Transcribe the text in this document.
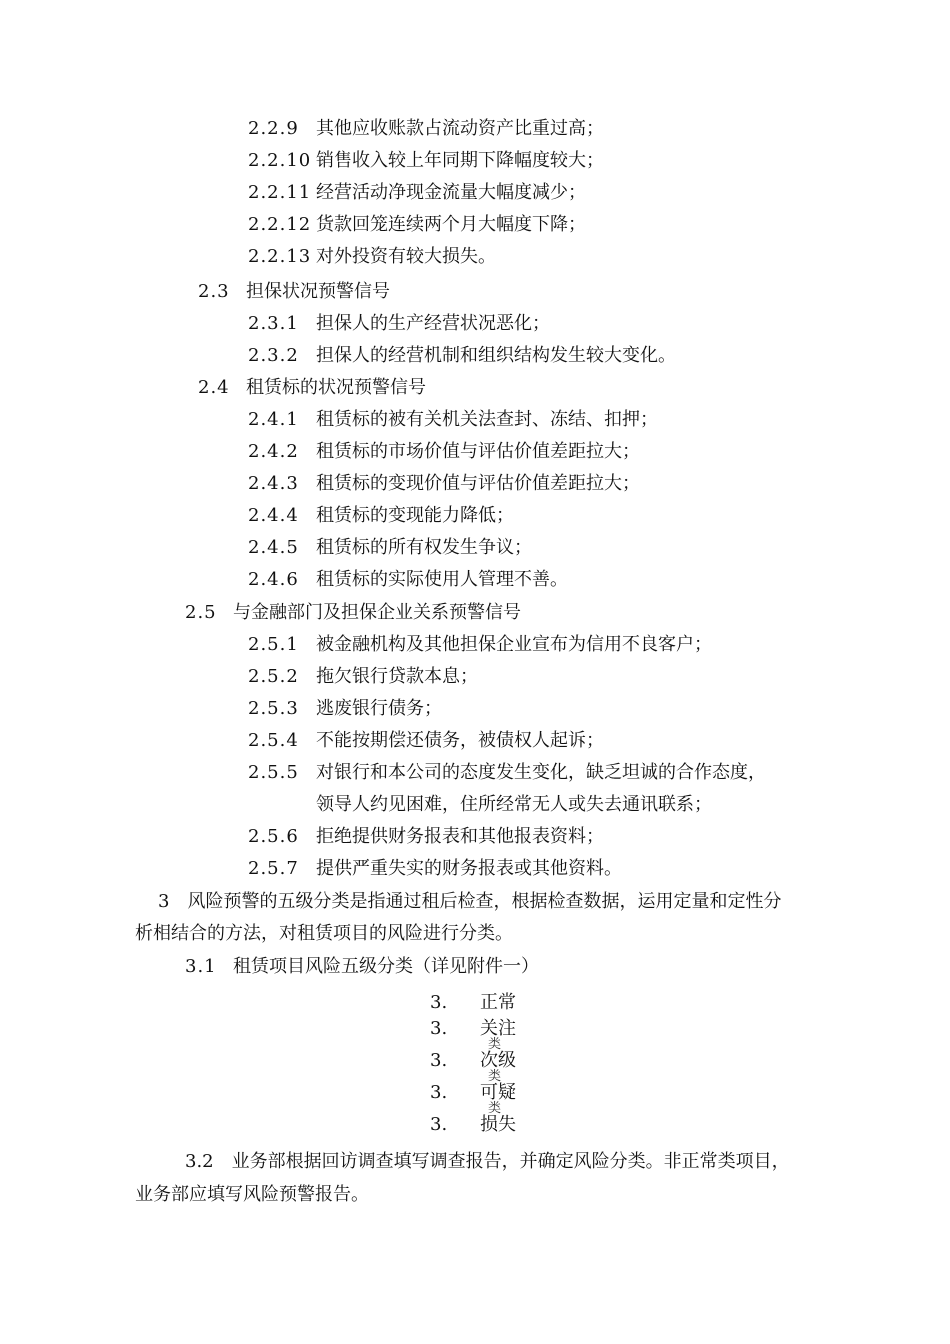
2.2.9 其他应收账款占流动资产比重过高；
2.2.10 销售收入较上年同期下降幅度较大；
2.2.11 经营活动净现金流量大幅度减少；
2.2.12 货款回笼连续两个月大幅度下降；
2.2.13 对外投资有较大损失。
2.3 担保状况预警信号
2.3.1 担保人的生产经营状况恶化；
2.3.2 担保人的经营机制和组织结构发生较大变化。
2.4 租赁标的状况预警信号
2.4.1 租赁标的被有关机关法查封、冻结、扣押；
2.4.2 租赁标的市场价值与评估价值差距拉大；
2.4.3 租赁标的变现价值与评估价值差距拉大；
2.4.4 租赁标的变现能力降低；
2.4.5 租赁标的所有权发生争议；
2.4.6 租赁标的实际使用人管理不善。
2.5 与金融部门及担保企业关系预警信号
2.5.1 被金融机构及其他担保企业宣布为信用不良客户；
2.5.2 拖欠银行贷款本息；
2.5.3 逃废银行债务；
2.5.4 不能按期偿还债务，被债权人起诉；
2.5.5 对银行和本公司的态度发生变化，缺乏坦诚的合作态度，
领导人约见困难，住所经常无人或失去通讯联系；
2.5.6 拒绝提供财务报表和其他报表资料；
2.5.7 提供严重失实的财务报表或其他资料。
3　风险预警的五级分类是指通过租后检查，根据检查数据，运用定量和定性分
析相结合的方法，对租赁项目的风险进行分类。
3.1 租赁项目风险五级分类（详见附件一）
3. 正常
3. 关注
类
3. 次级
类
3. 可疑
类
3. 损失
3.2　业务部根据回访调查填写调查报告，并确定风险分类。非正常类项目，
业务部应填写风险预警报告。
